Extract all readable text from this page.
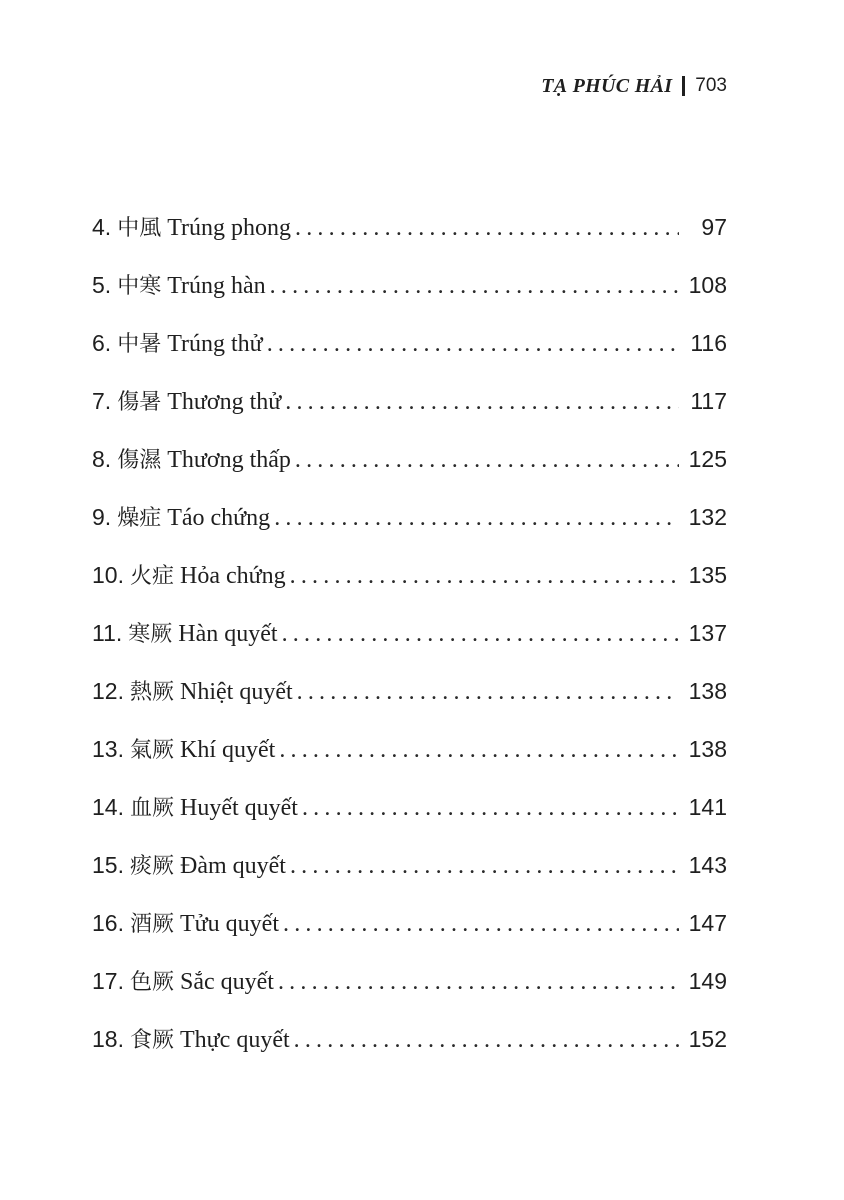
TẠ PHÚC HẢI 703
4. 中風 Trúng phong .....	97
5. 中寒 Trúng hàn .....	108
6. 中暑 Trúng thử .....	116
7. 傷暑 Thương thử .....	117
8. 傷濕 Thương thấp .....	125
9. 燥症 Táo chứng .....	132
10. 火症 Hỏa chứng .....	135
11. 寒厥 Hàn quyết .....	137
12. 熱厥 Nhiệt quyết .....	138
13. 氣厥 Khí quyết .....	138
14. 血厥 Huyết quyết .....	141
15. 痰厥 Đàm quyết .....	143
16. 酒厥 Tửu quyết .....	147
17. 色厥 Sắc quyết .....	149
18. 食厥 Thực quyết .....	152
